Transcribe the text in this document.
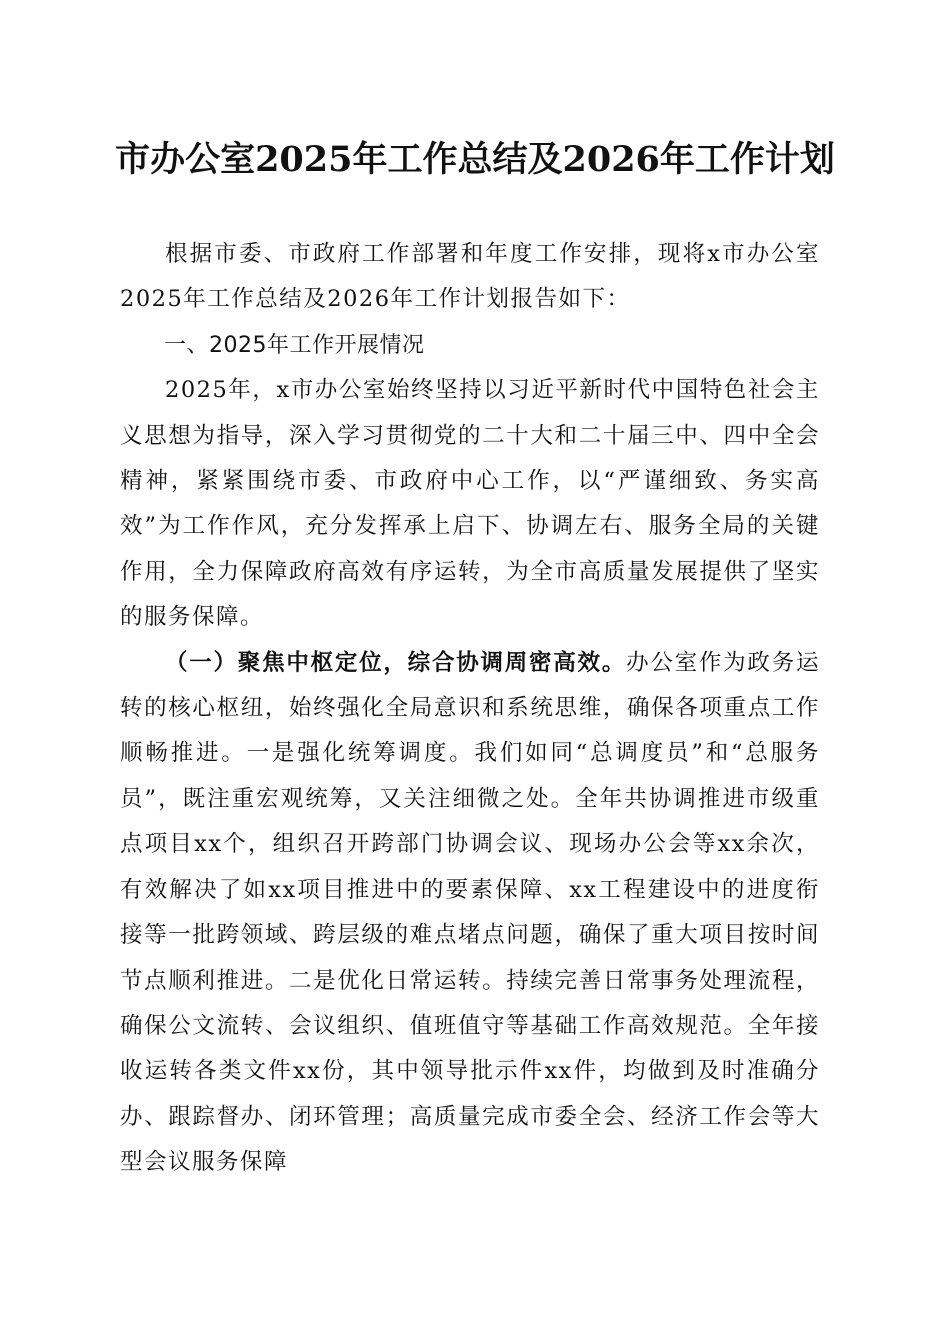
市办公室2025年工作总结及2026年工作计划

根据市委、市政府工作部署和年度工作安排，现将x市办公室2025年工作总结及2026年工作计划报告如下：

一、2025年工作开展情况

2025年，x市办公室始终坚持以习近平新时代中国特色社会主义思想为指导，深入学习贯彻党的二十大和二十届三中、四中全会精神，紧紧围绕市委、市政府中心工作，以“严谨细致、务实高效”为工作作风，充分发挥承上启下、协调左右、服务全局的关键作用，全力保障政府高效有序运转，为全市高质量发展提供了坚实的服务保障。

（一）聚焦中枢定位，综合协调周密高效。办公室作为政务运转的核心枢纽，始终强化全局意识和系统思维，确保各项重点工作顺畅推进。一是强化统筹调度。我们如同“总调度员”和“总服务员”，既注重宏观统筹，又关注细微之处。全年共协调推进市级重点项目xx个，组织召开跨部门协调会议、现场办公会等xx余次，有效解决了如xx项目推进中的要素保障、xx工程建设中的进度衔接等一批跨领域、跨层级的难点堵点问题，确保了重大项目按时间节点顺利推进。二是优化日常运转。持续完善日常事务处理流程，确保公文流转、会议组织、值班值守等基础工作高效规范。全年接收运转各类文件xx份，其中领导批示件xx件，均做到及时准确分办、跟踪督办、闭环管理；高质量完成市委全会、经济工作会等大型会议服务保障
